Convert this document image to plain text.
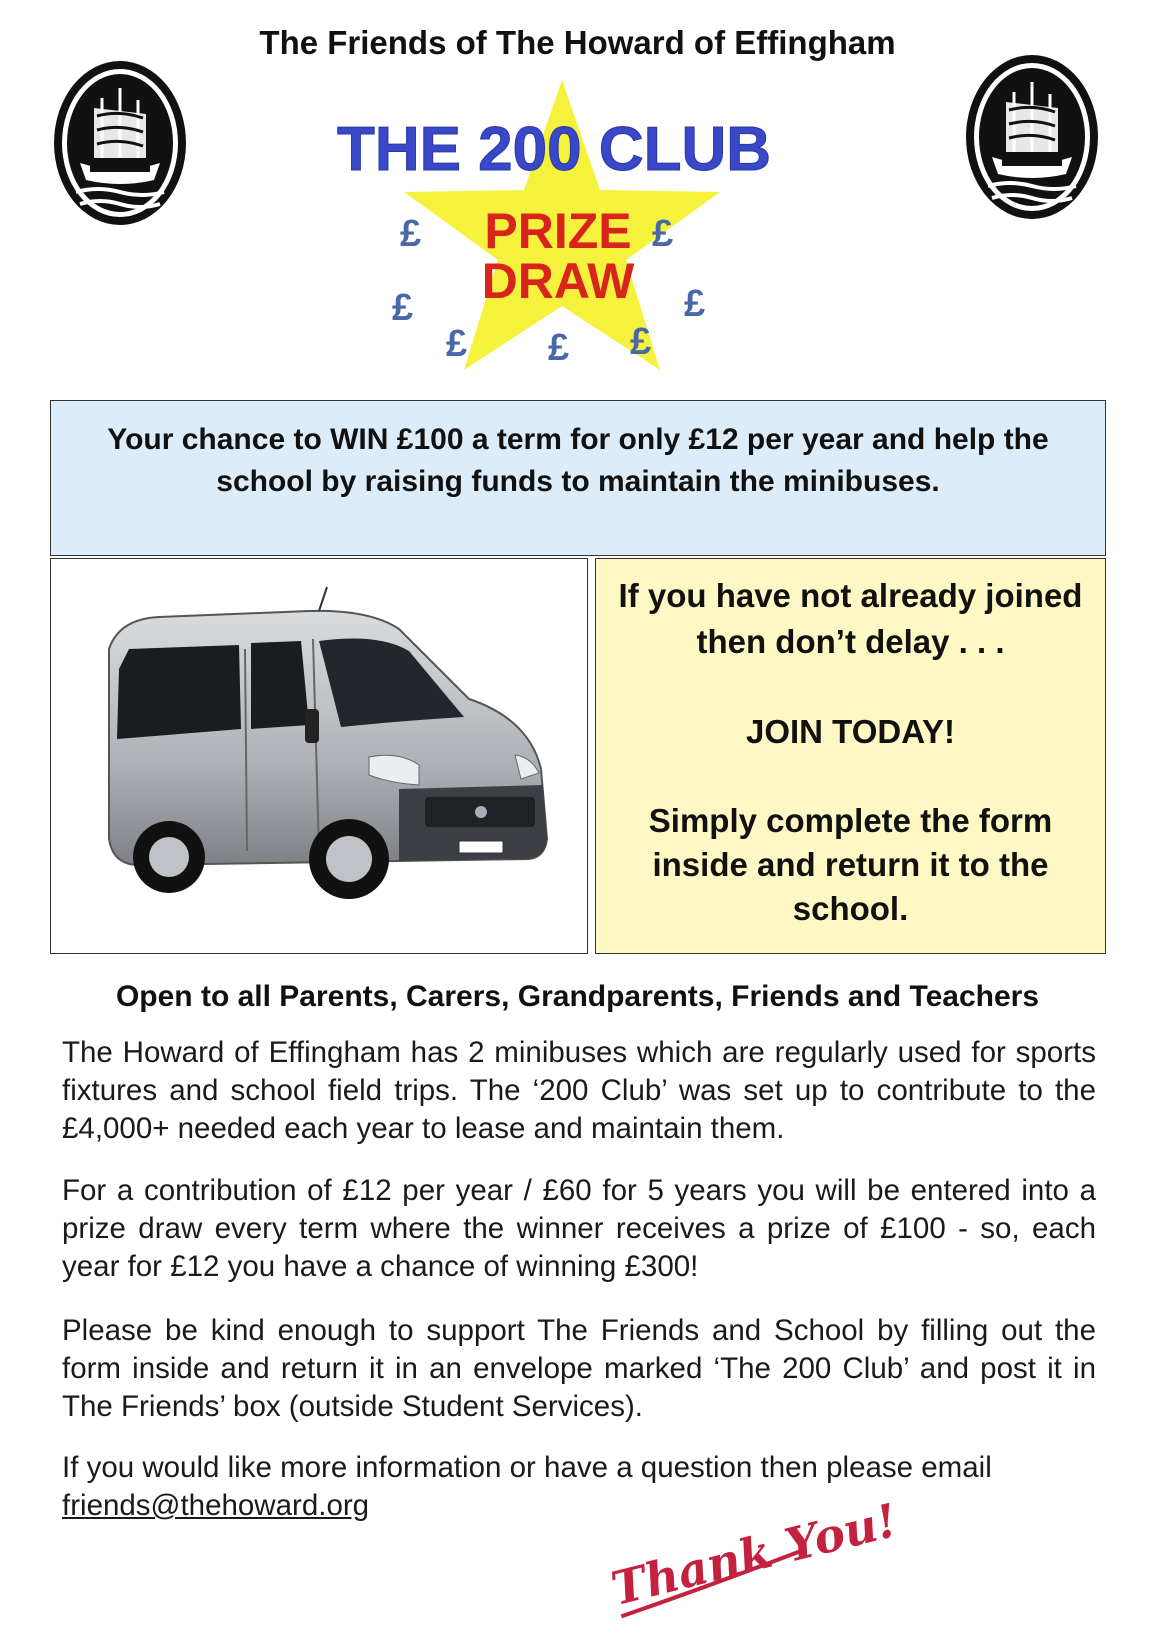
The Friends of The Howard of Effingham
THE 200 CLUB
PRIZE
DRAW
£	£
£	£
£ £ £
Your chance to WIN £100 a term for only £12 per year and help the school by raising funds to maintain the minibuses.
If you have not already joined then don’t delay . . .
JOIN TODAY!
Simply complete the form inside and return it to the school.
Open to all Parents, Carers, Grandparents, Friends and Teachers
The Howard of Effingham has 2 minibuses which are regularly used for sports fixtures and school field trips. The ‘200 Club’ was set up to contribute to the £4,000+ needed each year to lease and maintain them.
For a contribution of £12 per year / £60 for 5 years you will be entered into a prize draw every term where the winner receives a prize of £100 - so, each year for £12 you have a chance of winning £300!
Please be kind enough to support The Friends and School by filling out the form inside and return it in an envelope marked ‘The 200 Club’ and post it in The Friends’ box (outside Student Services).
If you would like more information or have a question then please email
friends@thehoward.org	Thank You!
